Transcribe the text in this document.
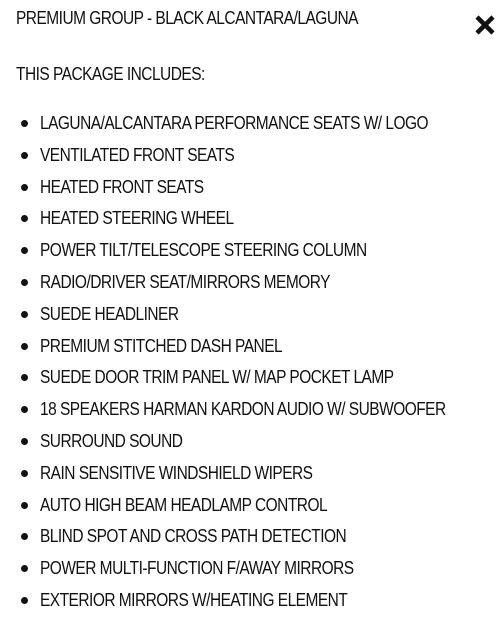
PREMIUM GROUP - BLACK ALCANTARA/LAGUNA
THIS PACKAGE INCLUDES:
LAGUNA/ALCANTARA PERFORMANCE SEATS W/ LOGO
VENTILATED FRONT SEATS
HEATED FRONT SEATS
HEATED STEERING WHEEL
POWER TILT/TELESCOPE STEERING COLUMN
RADIO/DRIVER SEAT/MIRRORS MEMORY
SUEDE HEADLINER
PREMIUM STITCHED DASH PANEL
SUEDE DOOR TRIM PANEL W/ MAP POCKET LAMP
18 SPEAKERS HARMAN KARDON AUDIO W/ SUBWOOFER
SURROUND SOUND
RAIN SENSITIVE WINDSHIELD WIPERS
AUTO HIGH BEAM HEADLAMP CONTROL
BLIND SPOT AND CROSS PATH DETECTION
POWER MULTI-FUNCTION F/AWAY MIRRORS
EXTERIOR MIRRORS W/HEATING ELEMENT
